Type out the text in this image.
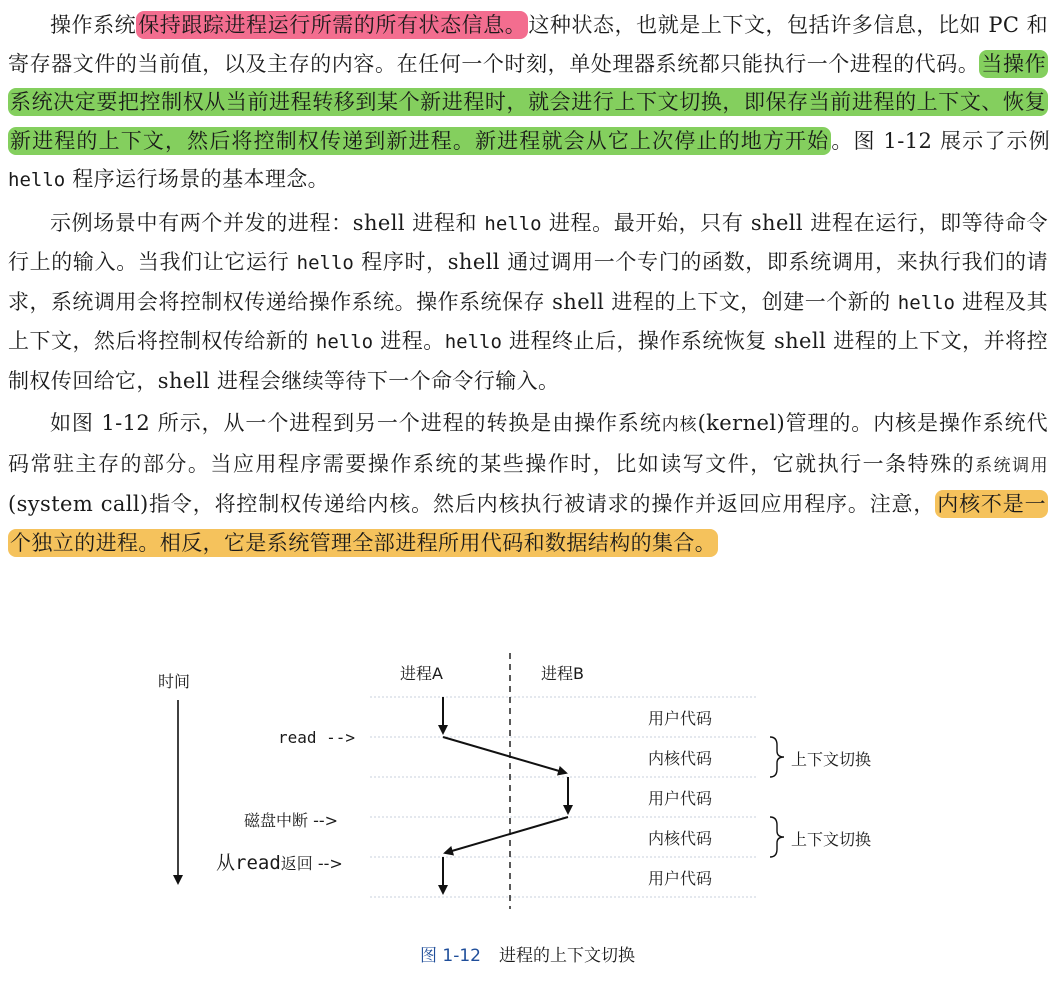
操作系统保持跟踪进程运行所需的所有状态信息。这种状态，也就是上下文，包括许多信息，比如 PC 和寄存器文件的当前值，以及主存的内容。在任何一个时刻，单处理器系统都只能执行一个进程的代码。当操作系统决定要把控制权从当前进程转移到某个新进程时，就会进行上下文切换，即保存当前进程的上下文、恢复新进程的上下文，然后将控制权传递到新进程。新进程就会从它上次停止的地方开始。图 1-12 展示了示例 hello 程序运行场景的基本理念。

示例场景中有两个并发的进程：shell 进程和 hello 进程。最开始，只有 shell 进程在运行，即等待命令行上的输入。当我们让它运行 hello 程序时，shell 通过调用一个专门的函数，即系统调用，来执行我们的请求，系统调用会将控制权传递给操作系统。操作系统保存 shell 进程的上下文，创建一个新的 hello 进程及其上下文，然后将控制权传给新的 hello 进程。hello 进程终止后，操作系统恢复 shell 进程的上下文，并将控制权传回给它，shell 进程会继续等待下一个命令行输入。

如图 1-12 所示，从一个进程到另一个进程的转换是由操作系统内核(kernel)管理的。内核是操作系统代码常驻主存的部分。当应用程序需要操作系统的某些操作时，比如读写文件，它就执行一条特殊的系统调用(system call)指令，将控制权传递给内核。然后内核执行被请求的操作并返回应用程序。注意，内核不是一个独立的进程。相反，它是系统管理全部进程所用代码和数据结构的集合。

时间	进程A	进程B
用户代码
内核代码
用户代码
内核代码
用户代码
read -->
磁盘中断 -->
从read返回 -->
上下文切换
上下文切换
图 1-12 进程的上下文切换
